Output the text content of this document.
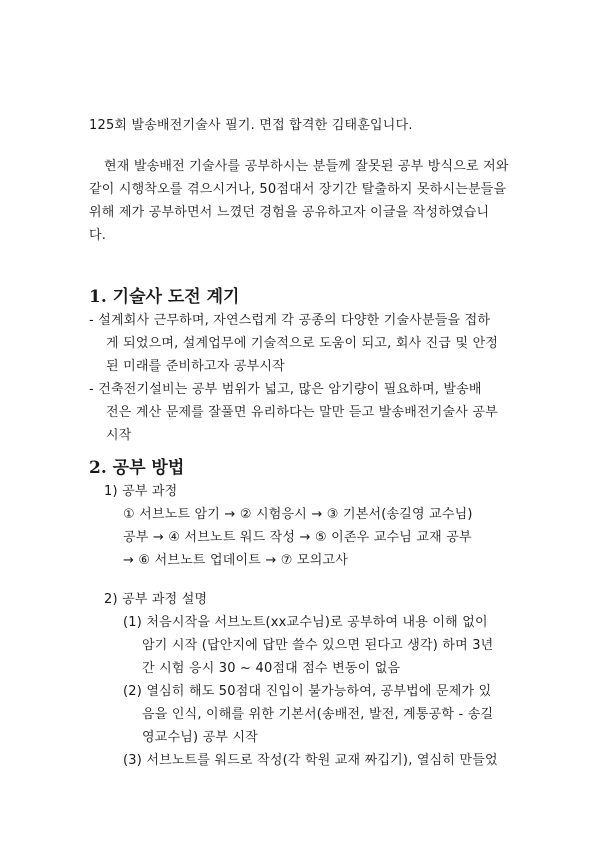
125회 발송배전기술사 필기. 면접 합격한 김태훈입니다.
현재 발송배전 기술사를 공부하시는 분들께 잘못된 공부 방식으로 저와
같이 시행착오를 겪으시거나, 50점대서 장기간 탈출하지 못하시는분들을
위해 제가 공부하면서 느꼈던 경험을 공유하고자 이글을 작성하였습니
다.
1. 기술사 도전 계기
- 설계회사 근무하며, 자연스럽게 각 공종의 다양한 기술사분들을 접하
게 되었으며, 설계업무에 기술적으로 도움이 되고, 회사 진급 및 안정
된 미래를 준비하고자 공부시작
- 건축전기설비는 공부 범위가 넓고, 많은 암기량이 필요하며, 발송배
전은 계산 문제를 잘풀면 유리하다는 말만 듣고 발송배전기술사 공부
시작
2. 공부 방법
1) 공부 과정
① 서브노트 암기 → ② 시험응시 → ③ 기본서(송길영 교수님)
공부 → ④ 서브노트 워드 작성 → ⑤ 이존우 교수님 교재 공부
→ ⑥ 서브노트 업데이트 → ⑦ 모의고사
2) 공부 과정 설명
(1) 처음시작을 서브노트(xx교수님)로 공부하여 내용 이해 없이
암기 시작 (답안지에 답만 쓸수 있으면 된다고 생각) 하며 3년
간 시험 응시 30 ~ 40점대 점수 변동이 없음
(2) 열심히 해도 50점대 진입이 불가능하여, 공부법에 문제가 있
음을 인식, 이해를 위한 기본서(송배전, 발전, 계통공학 - 송길
영교수님) 공부 시작
(3) 서브노트를 워드로 작성(각 학원 교재 짜깁기), 열심히 만들었
